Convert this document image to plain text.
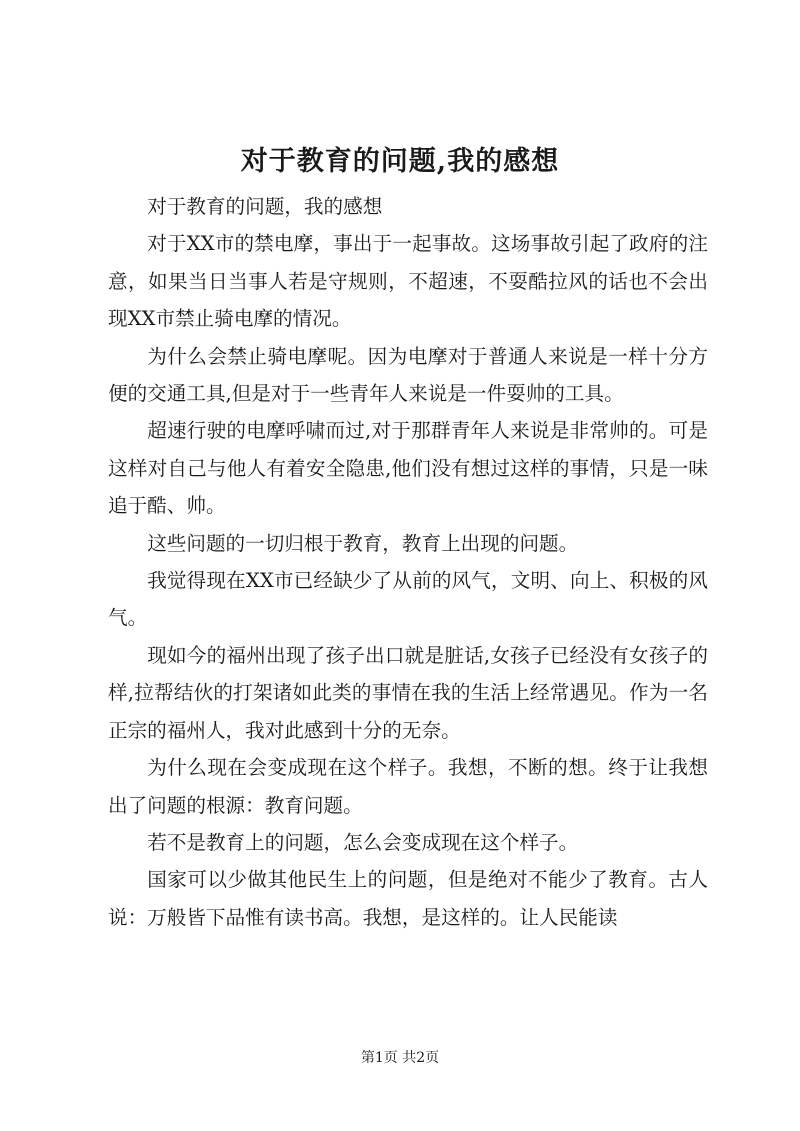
对于教育的问题,我的感想

对于教育的问题，我的感想

对于XX市的禁电摩，事出于一起事故。这场事故引起了政府的注意，如果当日当事人若是守规则，不超速，不耍酷拉风的话也不会出现XX市禁止骑电摩的情况。

为什么会禁止骑电摩呢。因为电摩对于普通人来说是一样十分方便的交通工具,但是对于一些青年人来说是一件耍帅的工具。

超速行驶的电摩呼啸而过,对于那群青年人来说是非常帅的。可是这样对自己与他人有着安全隐患,他们没有想过这样的事情，只是一味追于酷、帅。

这些问题的一切归根于教育，教育上出现的问题。

我觉得现在XX市已经缺少了从前的风气，文明、向上、积极的风气。

现如今的福州出现了孩子出口就是脏话,女孩子已经没有女孩子的样,拉帮结伙的打架诸如此类的事情在我的生活上经常遇见。作为一名正宗的福州人，我对此感到十分的无奈。

为什么现在会变成现在这个样子。我想，不断的想。终于让我想出了问题的根源：教育问题。

若不是教育上的问题，怎么会变成现在这个样子。

国家可以少做其他民生上的问题，但是绝对不能少了教育。古人说：万般皆下品惟有读书高。我想，是这样的。让人民能读

第1页 共2页
